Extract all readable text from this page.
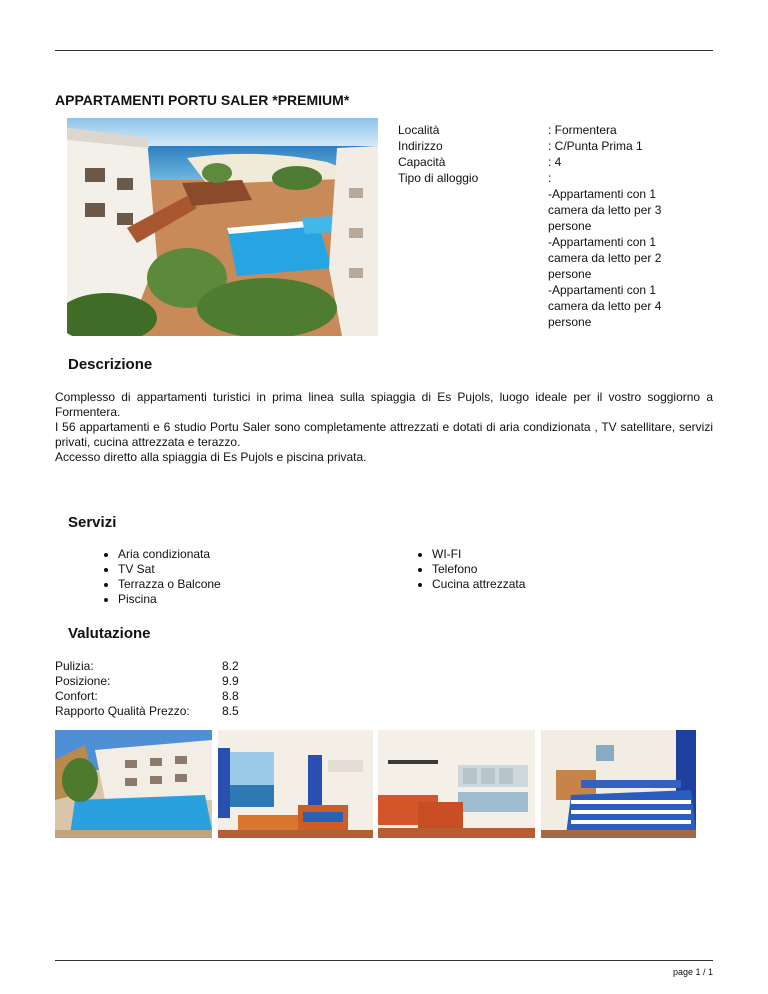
APPARTAMENTI PORTU SALER *PREMIUM*
Località	: Formentera
Indirizzo	: C/Punta Prima 1
Capacità	: 4
Tipo di alloggio	:
-Appartamenti con 1 camera da letto per 3 persone
-Appartamenti con 1 camera da letto per 2 persone
-Appartamenti con 1 camera da letto per 4 persone
Descrizione

Complesso di appartamenti turistici in prima linea sulla spiaggia di Es Pujols, luogo ideale per il vostro soggiorno a Formentera.

I 56 appartamenti e 6 studio Portu Saler sono completamente attrezzati e dotati di aria condizionata , TV satellitare, servizi privati, cucina attrezzata e terazzo.

Accesso diretto alla spiaggia di Es Pujols e piscina privata.

Servizi
• Aria condizionata
• TV Sat
• Terrazza o Balcone
• Piscina
• WI-FI
• Telefono
• Cucina attrezzata
Valutazione
Pulizia:	8.2
Posizione:	9.9
Confort:	8.8
Rapporto Qualità Prezzo:	8.5
page 1 / 1
